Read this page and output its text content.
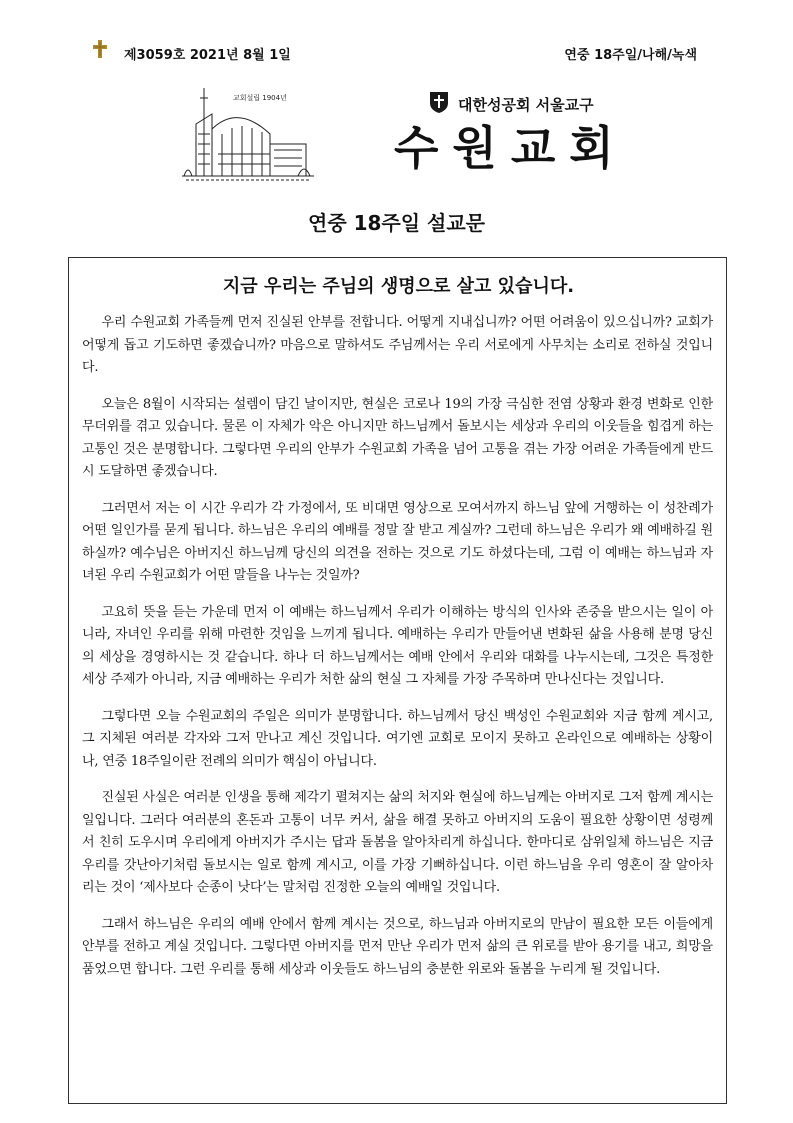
제3059호 2021년 8월 1일	연중 18주일/나해/녹색
교회설립 1904년	대한성공회 서울교구
수원교회
연중 18주일 설교문
지금 우리는 주님의 생명으로 살고 있습니다.

우리 수원교회 가족들께 먼저 진실된 안부를 전합니다. 어떻게 지내십니까? 어떤 어려움이 있으십니까? 교회가 어떻게 돕고 기도하면 좋겠습니까? 마음으로 말하셔도 주님께서는 우리 서로에게 사무치는 소리로 전하실 것입니다.

오늘은 8월이 시작되는 설렘이 담긴 날이지만, 현실은 코로나 19의 가장 극심한 전염 상황과 환경 변화로 인한 무더위를 겪고 있습니다. 물론 이 자체가 악은 아니지만 하느님께서 돌보시는 세상과 우리의 이웃들을 힘겹게 하는 고통인 것은 분명합니다. 그렇다면 우리의 안부가 수원교회 가족을 넘어 고통을 겪는 가장 어려운 가족들에게 반드시 도달하면 좋겠습니다.

그러면서 저는 이 시간 우리가 각 가정에서, 또 비대면 영상으로 모여서까지 하느님 앞에 거행하는 이 성찬례가 어떤 일인가를 묻게 됩니다. 하느님은 우리의 예배를 정말 잘 받고 계실까? 그런데 하느님은 우리가 왜 예배하길 원하실까? 예수님은 아버지신 하느님께 당신의 의견을 전하는 것으로 기도 하셨다는데, 그럼 이 예배는 하느님과 자녀된 우리 수원교회가 어떤 말들을 나누는 것일까?

고요히 뜻을 듣는 가운데 먼저 이 예배는 하느님께서 우리가 이해하는 방식의 인사와 존중을 받으시는 일이 아니라, 자녀인 우리를 위해 마련한 것임을 느끼게 됩니다. 예배하는 우리가 만들어낸 변화된 삶을 사용해 분명 당신의 세상을 경영하시는 것 같습니다. 하나 더 하느님께서는 예배 안에서 우리와 대화를 나누시는데, 그것은 특정한 세상 주제가 아니라, 지금 예배하는 우리가 처한 삶의 현실 그 자체를 가장 주목하며 만나신다는 것입니다.

그렇다면 오늘 수원교회의 주일은 의미가 분명합니다. 하느님께서 당신 백성인 수원교회와 지금 함께 계시고, 그 지체된 여러분 각자와 그저 만나고 계신 것입니다. 여기엔 교회로 모이지 못하고 온라인으로 예배하는 상황이나, 연중 18주일이란 전례의 의미가 핵심이 아닙니다.

진실된 사실은 여러분 인생을 통해 제각기 펼쳐지는 삶의 처지와 현실에 하느님께는 아버지로 그저 함께 계시는 일입니다. 그러다 여러분의 혼돈과 고통이 너무 커서, 삶을 해결 못하고 아버지의 도움이 필요한 상황이면 성령께서 친히 도우시며 우리에게 아버지가 주시는 답과 돌봄을 알아차리게 하십니다. 한마디로 삼위일체 하느님은 지금 우리를 갓난아기처럼 돌보시는 일로 함께 계시고, 이를 가장 기뻐하십니다. 이런 하느님을 우리 영혼이 잘 알아차리는 것이 ‘제사보다 순종이 낫다’는 말처럼 진정한 오늘의 예배일 것입니다.

그래서 하느님은 우리의 예배 안에서 함께 계시는 것으로, 하느님과 아버지로의 만남이 필요한 모든 이들에게 안부를 전하고 계실 것입니다. 그렇다면 아버지를 먼저 만난 우리가 먼저 삶의 큰 위로를 받아 용기를 내고, 희망을 품었으면 합니다. 그런 우리를 통해 세상과 이웃들도 하느님의 충분한 위로와 돌봄을 누리게 될 것입니다.
